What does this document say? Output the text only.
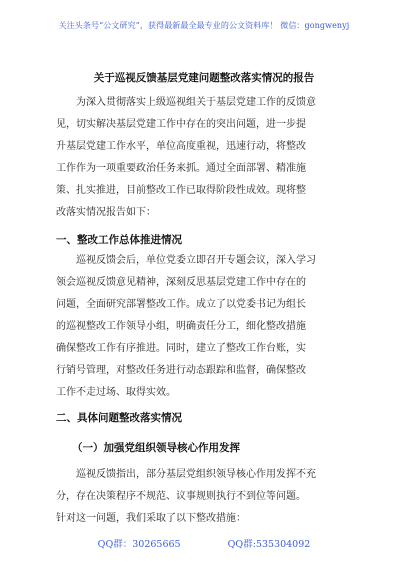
关注头条号“公文研究”，获得最新最全最专业的公文资料库！ 微信：gongwenyj
关于巡视反馈基层党建问题整改落实情况的报告

为深入贯彻落实上级巡视组关于基层党建工作的反馈意
见，切实解决基层党建工作中存在的突出问题，进一步提
升基层党建工作水平，单位高度重视，迅速行动，将整改
工作作为一项重要政治任务来抓。通过全面部署、精准施
策、扎实推进，目前整改工作已取得阶段性成效。现将整
改落实情况报告如下：

一、整改工作总体推进情况

巡视反馈会后，单位党委立即召开专题会议，深入学习
领会巡视反馈意见精神，深刻反思基层党建工作中存在的
问题，全面研究部署整改工作。成立了以党委书记为组长
的巡视整改工作领导小组，明确责任分工，细化整改措施
确保整改工作有序推进。同时，建立了整改工作台账，实
行销号管理，对整改任务进行动态跟踪和监督，确保整改
工作不走过场、取得实效。

二、具体问题整改落实情况
（一）加强党组织领导核心作用发挥

巡视反馈指出，部分基层党组织领导核心作用发挥不充
分，存在决策程序不规范、议事规则执行不到位等问题。
针对这一问题，我们采取了以下整改措施：

QQ群：30265665	QQ群:535304092
